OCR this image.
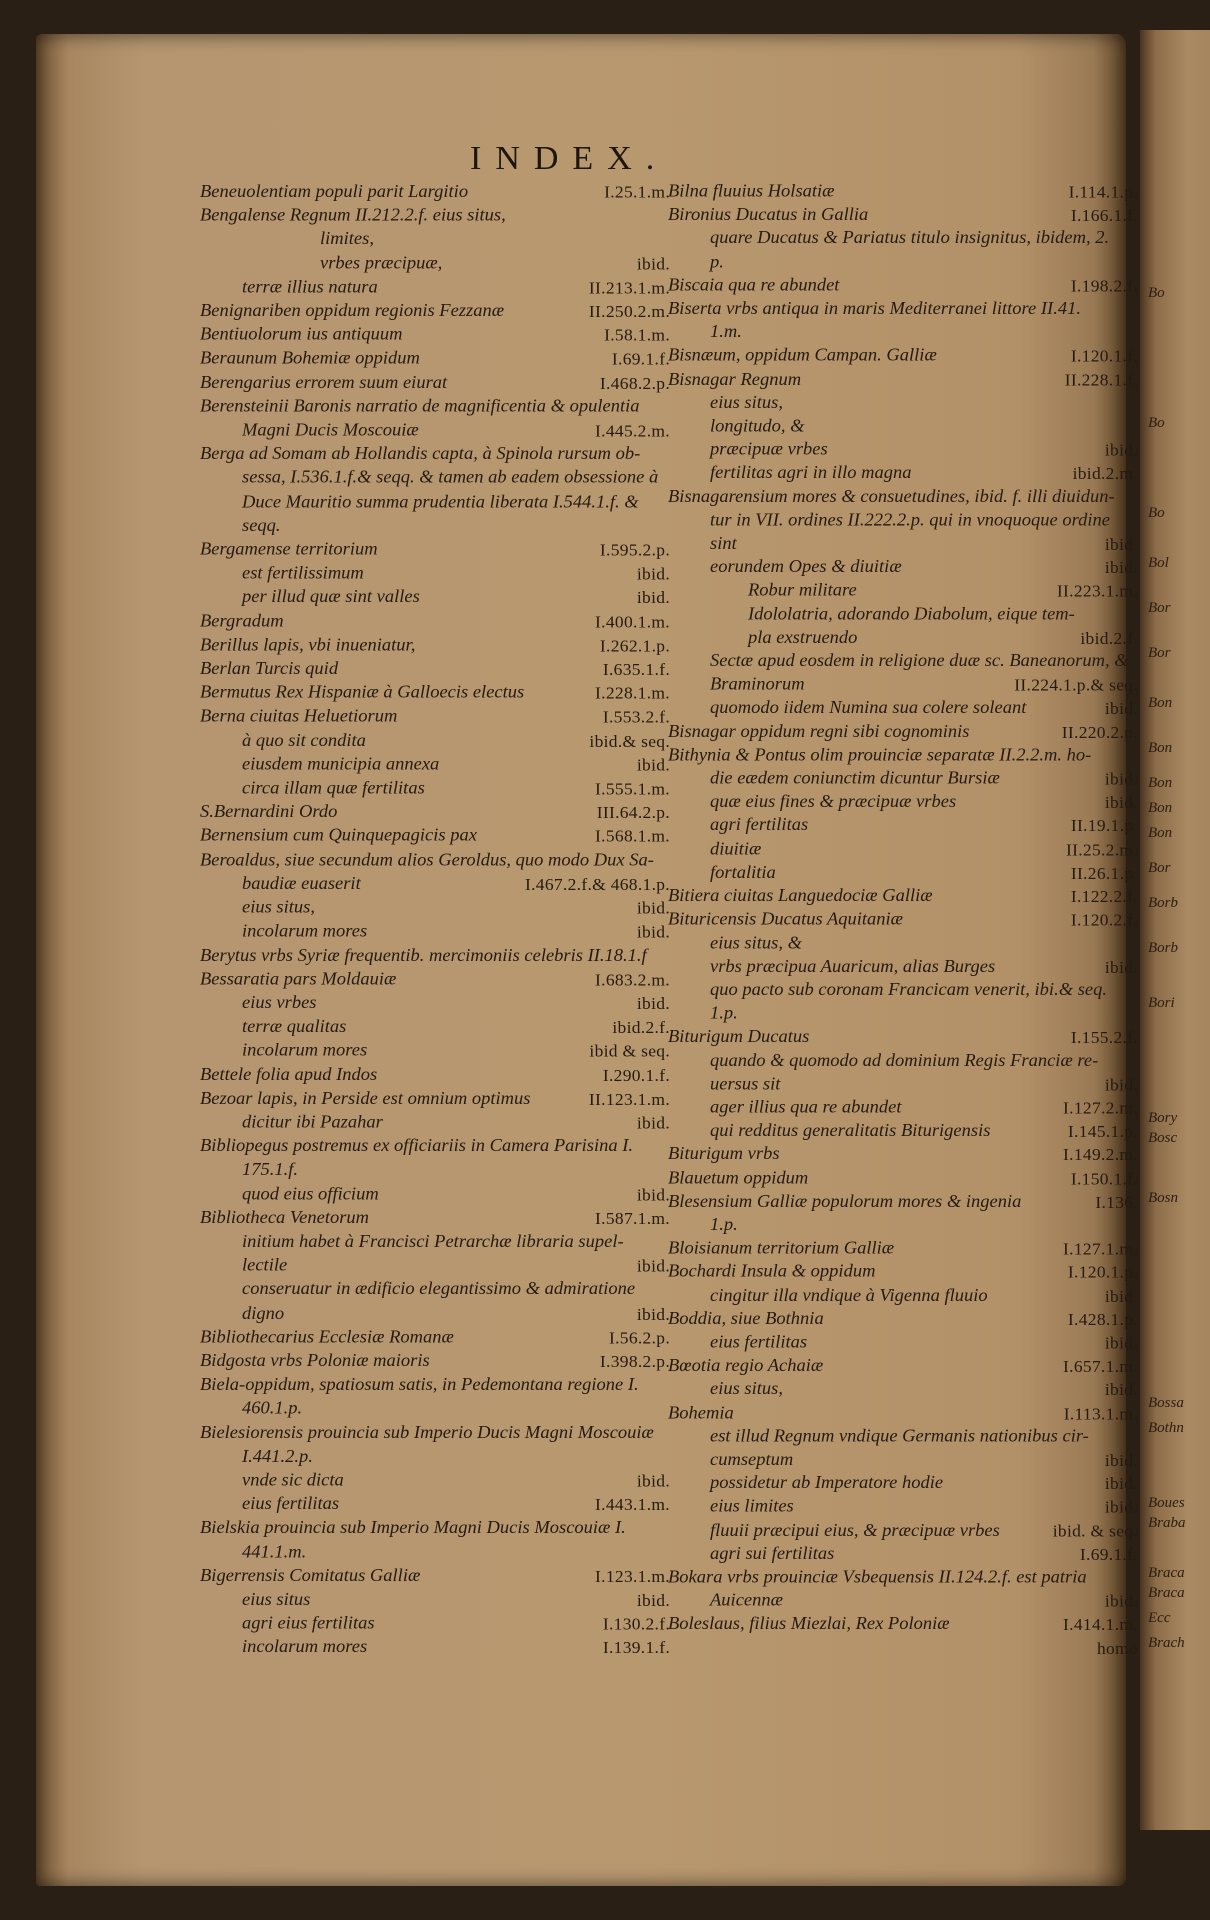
Bo
Bo
Bo
Bol
Bor
Bor
Bon
Bon
Bon
Bon
Bon
Bor
Borb
Borb
Bori
Bory
Bosc
Bosn
Bossa
Bothn
Boues
Braba
Braca
Braca
Ecc
Brach
INDEX.
Beneuolentiam populi parit Largitio	I.25.1.m.
Bengalense Regnum II.212.2.f. eius situs,
limites,
vrbes præcipuæ,	ibid.
terræ illius natura	II.213.1.m.
Benignariben oppidum regionis Fezzanæ	II.250.2.m.
Bentiuolorum ius antiquum	I.58.1.m.
Beraunum Bohemiæ oppidum	I.69.1.f.
Berengarius errorem suum eiurat	I.468.2.p.
Berensteinii Baronis narratio de magnificentia & opulentia
Magni Ducis Moscouiæ	I.445.2.m.
Berga ad Somam ab Hollandis capta, à Spinola rursum ob-
sessa, I.536.1.f.& seqq. & tamen ab eadem obsessione à
Duce Mauritio summa prudentia liberata I.544.1.f. &
seqq.
Bergamense territorium	I.595.2.p.
est fertilissimum	ibid.
per illud quæ sint valles	ibid.
Bergradum	I.400.1.m.
Berillus lapis, vbi inueniatur,	I.262.1.p.
Berlan Turcis quid	I.635.1.f.
Bermutus Rex Hispaniæ à Galloecis electus	I.228.1.m.
Berna ciuitas Heluetiorum	I.553.2.f.
à quo sit condita	ibid.& seq.
eiusdem municipia annexa	ibid.
circa illam quæ fertilitas	I.555.1.m.
S.Bernardini Ordo	III.64.2.p.
Bernensium cum Quinquepagicis pax	I.568.1.m.
Beroaldus, siue secundum alios Geroldus, quo modo Dux Sa-
baudiæ euaserit	I.467.2.f.& 468.1.p.
eius situs,	ibid.
incolarum mores	ibid.
Berytus vrbs Syriæ frequentib. mercimoniis celebris II.18.1.f
Bessaratia pars Moldauiæ	I.683.2.m.
eius vrbes	ibid.
terræ qualitas	ibid.2.f.
incolarum mores	ibid & seq.
Bettele folia apud Indos	I.290.1.f.
Bezoar lapis, in Perside est omnium optimus	II.123.1.m.
dicitur ibi Pazahar	ibid.
Bibliopegus postremus ex officiariis in Camera Parisina I.
175.1.f.
quod eius officium	ibid.
Bibliotheca Venetorum	I.587.1.m.
initium habet à Francisci Petrarchæ libraria supel-
lectile	ibid.
conseruatur in ædificio elegantissimo & admiratione
digno	ibid.
Bibliothecarius Ecclesiæ Romanæ	I.56.2.p.
Bidgosta vrbs Poloniæ maioris	I.398.2.p.
Biela-oppidum, spatiosum satis, in Pedemontana regione I.
460.1.p.
Bielesiorensis prouincia sub Imperio Ducis Magni Moscouiæ
I.441.2.p.
vnde sic dicta	ibid.
eius fertilitas	I.443.1.m.
Bielskia prouincia sub Imperio Magni Ducis Moscouiæ I.
441.1.m.
Bigerrensis Comitatus Galliæ	I.123.1.m.
eius situs	ibid.
agri eius fertilitas	I.130.2.f.
incolarum mores	I.139.1.f.
Bilna fluuius Holsatiæ	I.114.1.p.
Bironius Ducatus in Gallia	I.166.1.f.
quare Ducatus & Pariatus titulo insignitus, ibidem, 2.
p.
Biscaia qua re abundet	I.198.2.f.
Biserta vrbs antiqua in maris Mediterranei littore II.41.
1.m.
Bisnæum, oppidum Campan. Galliæ	I.120.1.f.
Bisnagar Regnum	II.228.1.f.
eius situs,
longitudo, &
præcipuæ vrbes	ibid.
fertilitas agri in illo magna	ibid.2.m.
Bisnagarensium mores & consuetudines, ibid. f. illi diuidun-
tur in VII. ordines II.222.2.p. qui in vnoquoque ordine
sint	ibid.
eorundem Opes & diuitiæ	ibid.
Robur militare	II.223.1.m.
Idololatria, adorando Diabolum, eique tem-
pla exstruendo	ibid.2.f.
Sectæ apud eosdem in religione duæ sc. Baneanorum, &
Braminorum	II.224.1.p.& seq.
quomodo iidem Numina sua colere soleant	ibid.
Bisnagar oppidum regni sibi cognominis	II.220.2.p.
Bithynia & Pontus olim prouinciæ separatæ II.2.2.m. ho-
die eædem coniunctim dicuntur Bursiæ	ibid.
quæ eius fines & præcipuæ vrbes	ibid.
agri fertilitas	II.19.1.p.
diuitiæ	II.25.2.m.
fortalitia	II.26.1.p.
Bitiera ciuitas Languedociæ Galliæ	I.122.2.f.
Bituricensis Ducatus Aquitaniæ	I.120.2.f.
eius situs, &
vrbs præcipua Auaricum, alias Burges	ibid.
quo pacto sub coronam Francicam venerit, ibi.& seq.
1.p.
Biturigum Ducatus	I.155.2.f.
quando & quomodo ad dominium Regis Franciæ re-
uersus sit	ibid.
ager illius qua re abundet	I.127.2.m.
qui redditus generalitatis Biturigensis	I.145.1.p.
Biturigum vrbs	I.149.2.m.
Blauetum oppidum	I.150.1.f.
Blesensium Galliæ populorum mores & ingenia	I.136.
1.p.
Bloisianum territorium Galliæ	I.127.1.m.
Bochardi Insula & oppidum	I.120.1.p.
cingitur illa vndique à Vigenna fluuio	ibid.
Boddia, siue Bothnia	I.428.1.p.
eius fertilitas	ibid.
Bœotia regio Achaiæ	I.657.1.m.
eius situs,	ibid.
Bohemia	I.113.1.m.
est illud Regnum vndique Germanis nationibus cir-
cumseptum	ibid.
possidetur ab Imperatore hodie	ibid.
eius limites	ibid.
fluuii præcipui eius, & præcipuæ vrbes	ibid. & seq.
agri sui fertilitas	I.69.1.f.
Bokara vrbs prouinciæ Vsbequensis II.124.2.f. est patria
Auicennæ	ibid.
Boleslaus, filius Miezlai, Rex Poloniæ	I.414.1.m.
homo
